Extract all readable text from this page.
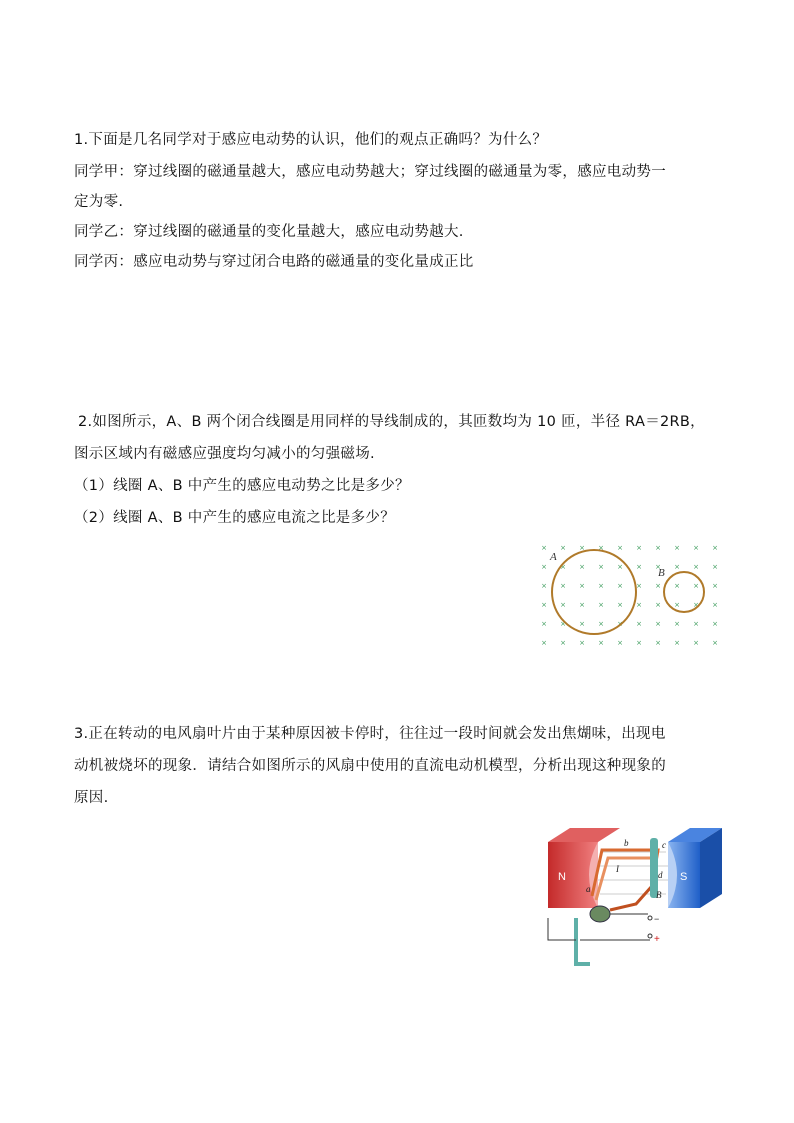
1.下面是几名同学对于感应电动势的认识，他们的观点正确吗？为什么？
同学甲：穿过线圈的磁通量越大，感应电动势越大；穿过线圈的磁通量为零，感应电动势一
定为零.
同学乙：穿过线圈的磁通量的变化量越大，感应电动势越大.
同学丙：感应电动势与穿过闭合电路的磁通量的变化量成正比
2.如图所示，A、B 两个闭合线圈是用同样的导线制成的，其匝数均为 10 匝，半径 RA＝2RB，
图示区域内有磁感应强度均匀减小的匀强磁场.
（1）线圈 A、B 中产生的感应电动势之比是多少？
（2）线圈 A、B 中产生的感应电流之比是多少？
× × × × × × × × × ×
× × × × × × × × × ×
× × × × × × × × × ×
× × × × × × × × × ×
× × × × × × × × × ×
× × × × × × × × × ×
A
B
3.正在转动的电风扇叶片由于某种原因被卡停时，往往过一段时间就会发出焦煳味，出现电
动机被烧坏的现象．请结合如图所示的风扇中使用的直流电动机模型，分析出现这种现象的
原因.
N	S
a
b	c
d
B
I
−
+
